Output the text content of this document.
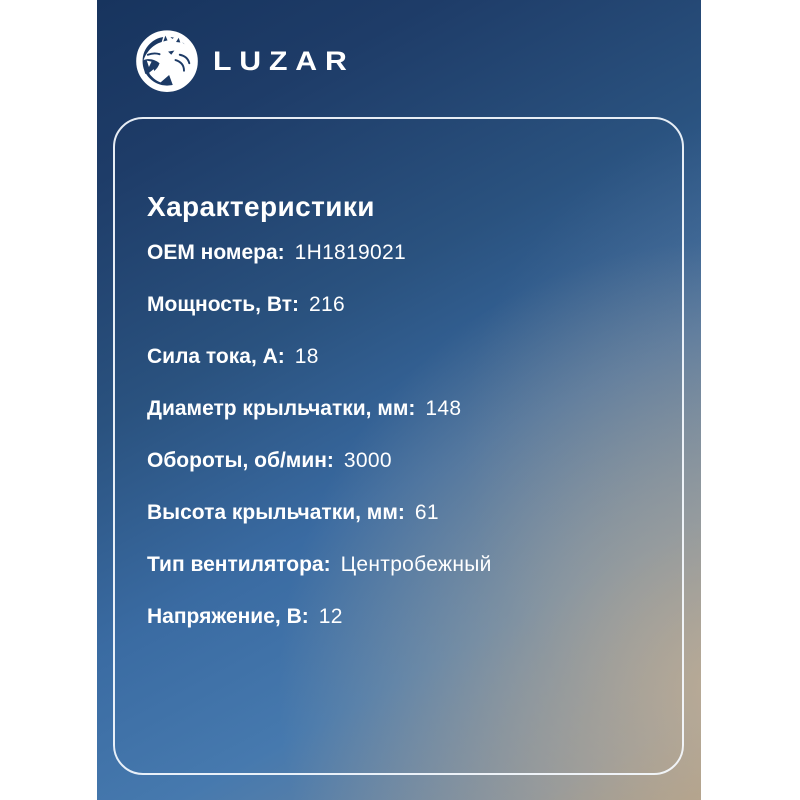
LUZAR
Характеристики
ОЕМ номера: 1H1819021
Мощность, Вт: 216
Сила тока, А: 18
Диаметр крыльчатки, мм: 148
Обороты, об/мин: 3000
Высота крыльчатки, мм: 61
Тип вентилятора: Центробежный
Напряжение, В: 12
